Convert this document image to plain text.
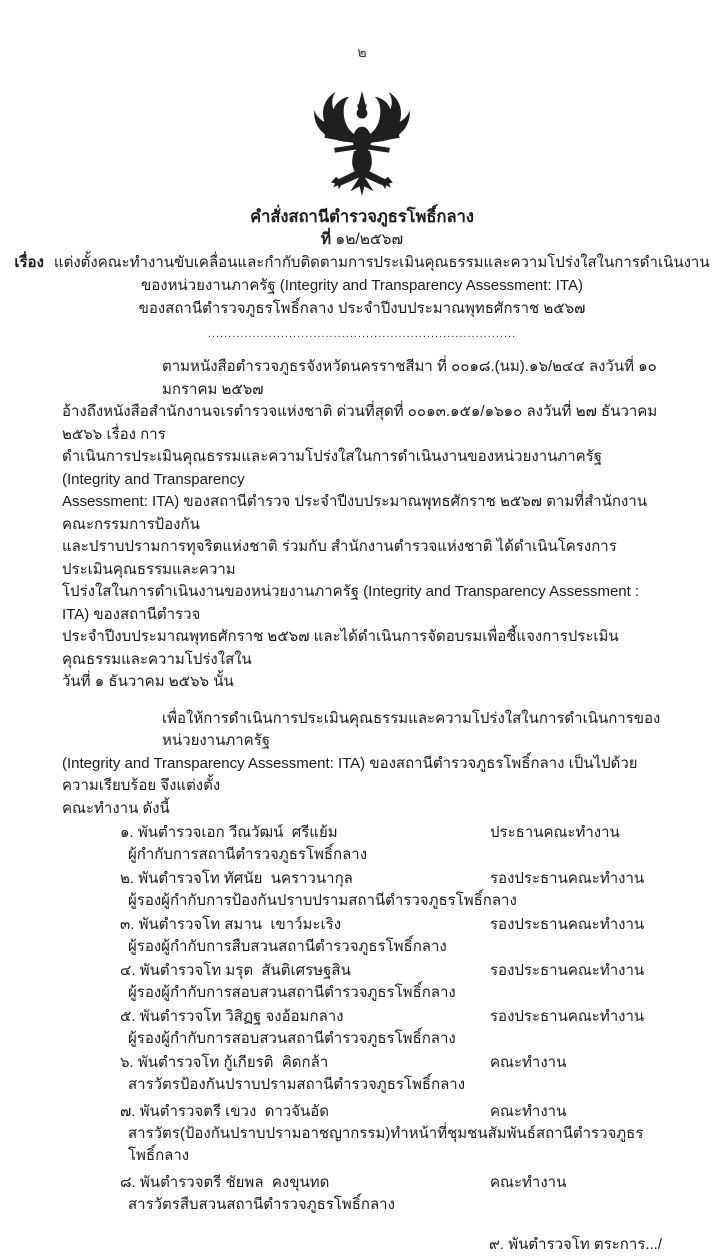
๒
คำสั่งสถานีตำรวจภูธรโพธิ์กลาง
ที่ ๑๒/๒๕๖๗
เรื่อง แต่งตั้งคณะทำงานขับเคลื่อนและกำกับติดตามการประเมินคุณธรรมและความโปร่งใสในการดำเนินงาน
ของหน่วยงานภาครัฐ (Integrity and Transparency Assessment: ITA)
ของสถานีตำรวจภูธรโพธิ์กลาง ประจำปีงบประมาณพุทธศักราช ๒๕๖๗
............................................................................
ตามหนังสือตำรวจภูธรจังหวัดนครราชสีมา ที่ ๐๐๑๘.(นม).๑๖/๒๔๔ ลงวันที่ ๑๐ มกราคม ๒๕๖๗
อ้างถึงหนังสือสำนักงานจเรตำรวจแห่งชาติ ด่วนที่สุดที่ ๐๐๑๓.๑๕๑/๑๖๑๐ ลงวันที่ ๒๗ ธันวาคม ๒๕๖๖ เรื่อง การ
ดำเนินการประเมินคุณธรรมและความโปร่งใสในการดำเนินงานของหน่วยงานภาครัฐ (Integrity and Transparency
Assessment: ITA) ของสถานีตำรวจ ประจำปีงบประมาณพุทธศักราช ๒๕๖๗ ตามที่สำนักงานคณะกรรมการป้องกัน
และปราบปรามการทุจริตแห่งชาติ ร่วมกับ สำนักงานตำรวจแห่งชาติ ได้ดำเนินโครงการประเมินคุณธรรมและความ
โปร่งใสในการดำเนินงานของหน่วยงานภาครัฐ (Integrity and Transparency Assessment : ITA) ของสถานีตำรวจ
ประจำปีงบประมาณพุทธศักราช ๒๕๖๗ และได้ดำเนินการจัดอบรมเพื่อชี้แจงการประเมินคุณธรรมและความโปร่งใสใน
วันที่ ๑ ธันวาคม ๒๕๖๖ นั้น
เพื่อให้การดำเนินการประเมินคุณธรรมและความโปร่งใสในการดำเนินการของหน่วยงานภาครัฐ
(Integrity and Transparency Assessment: ITA) ของสถานีตำรวจภูธรโพธิ์กลาง เป็นไปด้วยความเรียบร้อย จึงแต่งตั้ง
คณะทำงาน ดังนี้
๑. พันตำรวจเอก วีณวัฒน์  ศรีแย้ม	ประธานคณะทำงาน
ผู้กำกับการสถานีตำรวจภูธรโพธิ์กลาง
๒. พันตำรวจโท ทัศนัย  นคราวนากุล	รองประธานคณะทำงาน
ผู้รองผู้กำกับการป้องกันปราบปรามสถานีตำรวจภูธรโพธิ์กลาง
๓. พันตำรวจโท สมาน  เขาว์มะเริง	รองประธานคณะทำงาน
ผู้รองผู้กำกับการสืบสวนสถานีตำรวจภูธรโพธิ์กลาง
๔. พันตำรวจโท มรุต  สันติเศรษฐสิน	รองประธานคณะทำงาน
ผู้รองผู้กำกับการสอบสวนสถานีตำรวจภูธรโพธิ์กลาง
๕. พันตำรวจโท วิสิฏฐ จงอ้อมกลาง	รองประธานคณะทำงาน
ผู้รองผู้กำกับการสอบสวนสถานีตำรวจภูธรโพธิ์กลาง
๖. พันตำรวจโท กู้เกียรติ  คิดกล้า	คณะทำงาน
สารวัตรป้องกันปราบปรามสถานีตำรวจภูธรโพธิ์กลาง
๗. พันตำรวจตรี เขวง  ดาวจันอัด	คณะทำงาน
สารวัตร(ป้องกันปราบปรามอาชญากรรม)ทำหน้าที่ชุมชนสัมพันธ์สถานีตำรวจภูธรโพธิ์กลาง
๘. พันตำรวจตรี ชัยพล  คงขุนทด	คณะทำงาน
สารวัตรสืบสวนสถานีตำรวจภูธรโพธิ์กลาง
๙. พันตำรวจโท ตระการ.../
